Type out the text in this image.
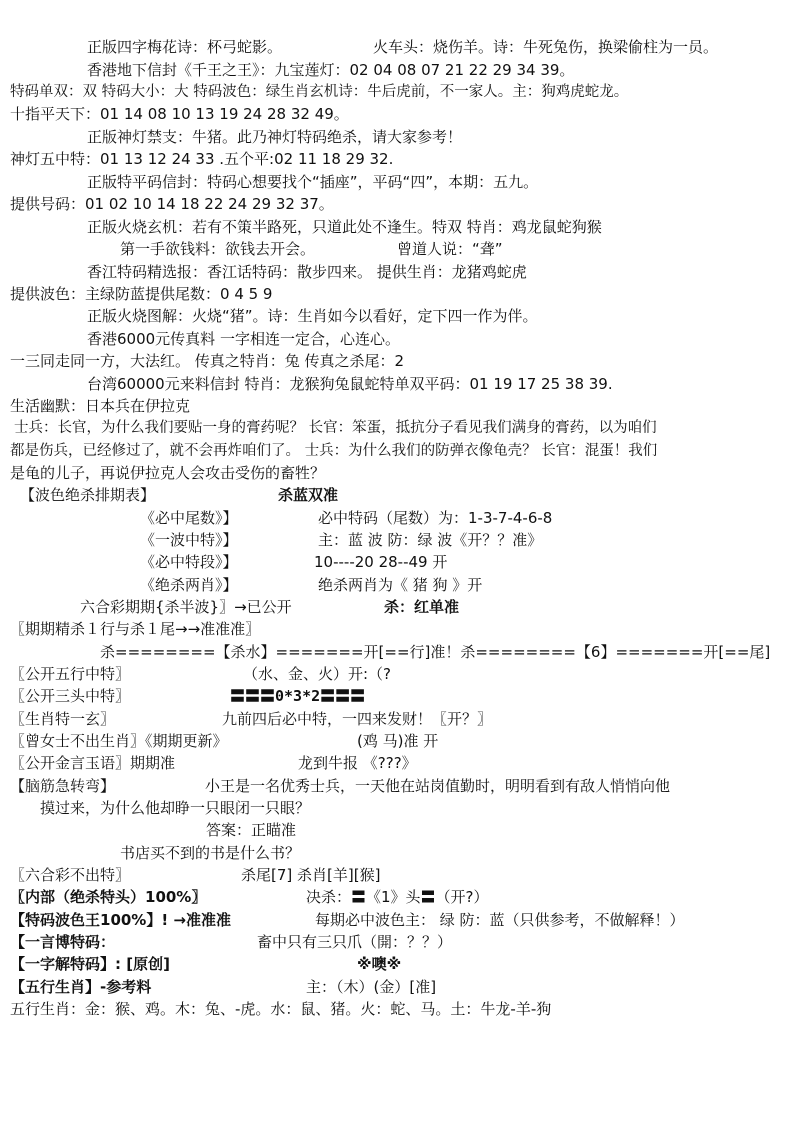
正版四字梅花诗：杯弓蛇影。	火车头：烧伤羊。诗：牛死兔伤，换梁偷柱为一员。
香港地下信封《千王之王》：九宝莲灯：02 04 08 07 21 22 29 34 39。
特码单双：双 特码大小：大 特码波色：绿生肖玄机诗：牛后虎前，不一家人。主：狗鸡虎蛇龙。
十指平天下：01 14 08 10 13 19 24 28 32 49。
正版神灯禁支：牛猪。此乃神灯特码绝杀，请大家参考！
神灯五中特：01 13 12 24 33 .五个平:02 11 18 29 32.
正版特平码信封：特码心想要找个“插座”，平码“四”，本期：五九。
提供号码：01 02 10 14 18 22 24 29 32 37。
正版火烧玄机：若有不策半路死，只道此处不逢生。特双 特肖：鸡龙鼠蛇狗猴
第一手欲钱料：欲钱去开会。	曾道人说：“聋”
香江特码精选报：香江话特码：散步四来。 提供生肖：龙猪鸡蛇虎
提供波色：主绿防蓝提供尾数：0 4 5 9
正版火烧图解：火烧“猪”。诗：生肖如今以看好，定下四一作为伴。
香港6000元传真料 一字相连一定合，心连心。
一三同走同一方，大法红。 传真之特肖：兔 传真之杀尾：2
台湾60000元来料信封 特肖：龙猴狗兔鼠蛇特单双平码：01 19 17 25 38 39.
生活幽默：日本兵在伊拉克
士兵：长官，为什么我们要贴一身的膏药呢？ 长官：笨蛋，抵抗分子看见我们满身的膏药，以为咱们
都是伤兵，已经修过了，就不会再炸咱们了。 士兵：为什么我们的防弹衣像龟壳？ 长官：混蛋！我们
是龟的儿子，再说伊拉克人会攻击受伤的畜牲？
【波色绝杀排期表】	杀蓝双准
《必中尾数》】	必中特码（尾数）为：1-3-7-4-6-8
《一波中特》】	主：蓝 波 防：绿 波《开？？准》
《必中特段》】	10----20 28--49 开
《绝杀两肖》】	绝杀两肖为《 猪 狗 》开
六合彩期期{杀半波}〗→已公开	杀：红单准
〖期期精杀１行与杀１尾→→准准准〗
杀========【杀水】=======开[==行]准！杀========【6】=======开[==尾]
〖公开五行中特〗	（水、金、火）开:（?
〖公开三头中特〗	〓〓〓0*3*2〓〓〓
〖生肖特一玄〗	九前四后必中特，一四来发财！〖开？〗
〖曾女士不出生肖〗《期期更新》	(鸡 马)准 开
〖公开金言玉语〗期期准	龙到牛报 《???》
【脑筋急转弯】	小王是一名优秀士兵，一天他在站岗值勤时，明明看到有敌人悄悄向他
摸过来，为什么他却睁一只眼闭一只眼？
答案：正瞄准
书店买不到的书是什么书？
〖六合彩不出特〗	杀尾[7] 杀肖[羊][猴]
〖内部（绝杀特头）100%〗	决杀：〓《1》头〓（开?）
【特码波色王100%】! →准准准	每期必中波色主： 绿 防：蓝（只供参考，不做解释！）
【一言博特码：	畜中只有三只爪（開：？？）
【一字解特码】: [原创]	※噢※
【五行生肖】-参考料	主：（木）(金）[准]
五行生肖：金：猴、鸡。木：兔、-虎。水：鼠、猪。火：蛇、马。土：牛龙-羊-狗
